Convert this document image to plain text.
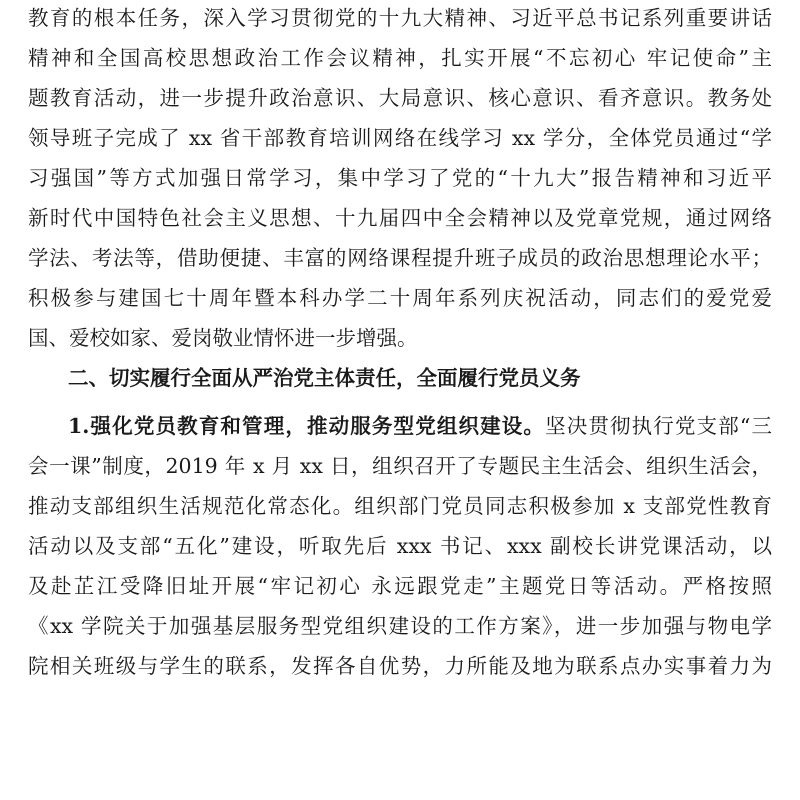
教育的根本任务，深入学习贯彻党的十九大精神、习近平总书记系列重要讲话
精神和全国高校思想政治工作会议精神，扎实开展“不忘初心 牢记使命”主
题教育活动，进一步提升政治意识、大局意识、核心意识、看齐意识。教务处
领导班子完成了 xx 省干部教育培训网络在线学习 xx 学分，全体党员通过“学
习强国”等方式加强日常学习，集中学习了党的“十九大”报告精神和习近平
新时代中国特色社会主义思想、十九届四中全会精神以及党章党规，通过网络
学法、考法等，借助便捷、丰富的网络课程提升班子成员的政治思想理论水平；
积极参与建国七十周年暨本科办学二十周年系列庆祝活动，同志们的爱党爱
国、爱校如家、爱岗敬业情怀进一步增强。
二、切实履行全面从严治党主体责任，全面履行党员义务
1.强化党员教育和管理，推动服务型党组织建设。坚决贯彻执行党支部“三
会一课”制度，2019 年 x 月 xx 日，组织召开了专题民主生活会、组织生活会，
推动支部组织生活规范化常态化。组织部门党员同志积极参加 x 支部党性教育
活动以及支部“五化”建设，听取先后 xxx 书记、xxx 副校长讲党课活动，以
及赴芷江受降旧址开展“牢记初心 永远跟党走”主题党日等活动。严格按照
《xx 学院关于加强基层服务型党组织建设的工作方案》，进一步加强与物电学
院相关班级与学生的联系，发挥各自优势，力所能及地为联系点办实事着力为
